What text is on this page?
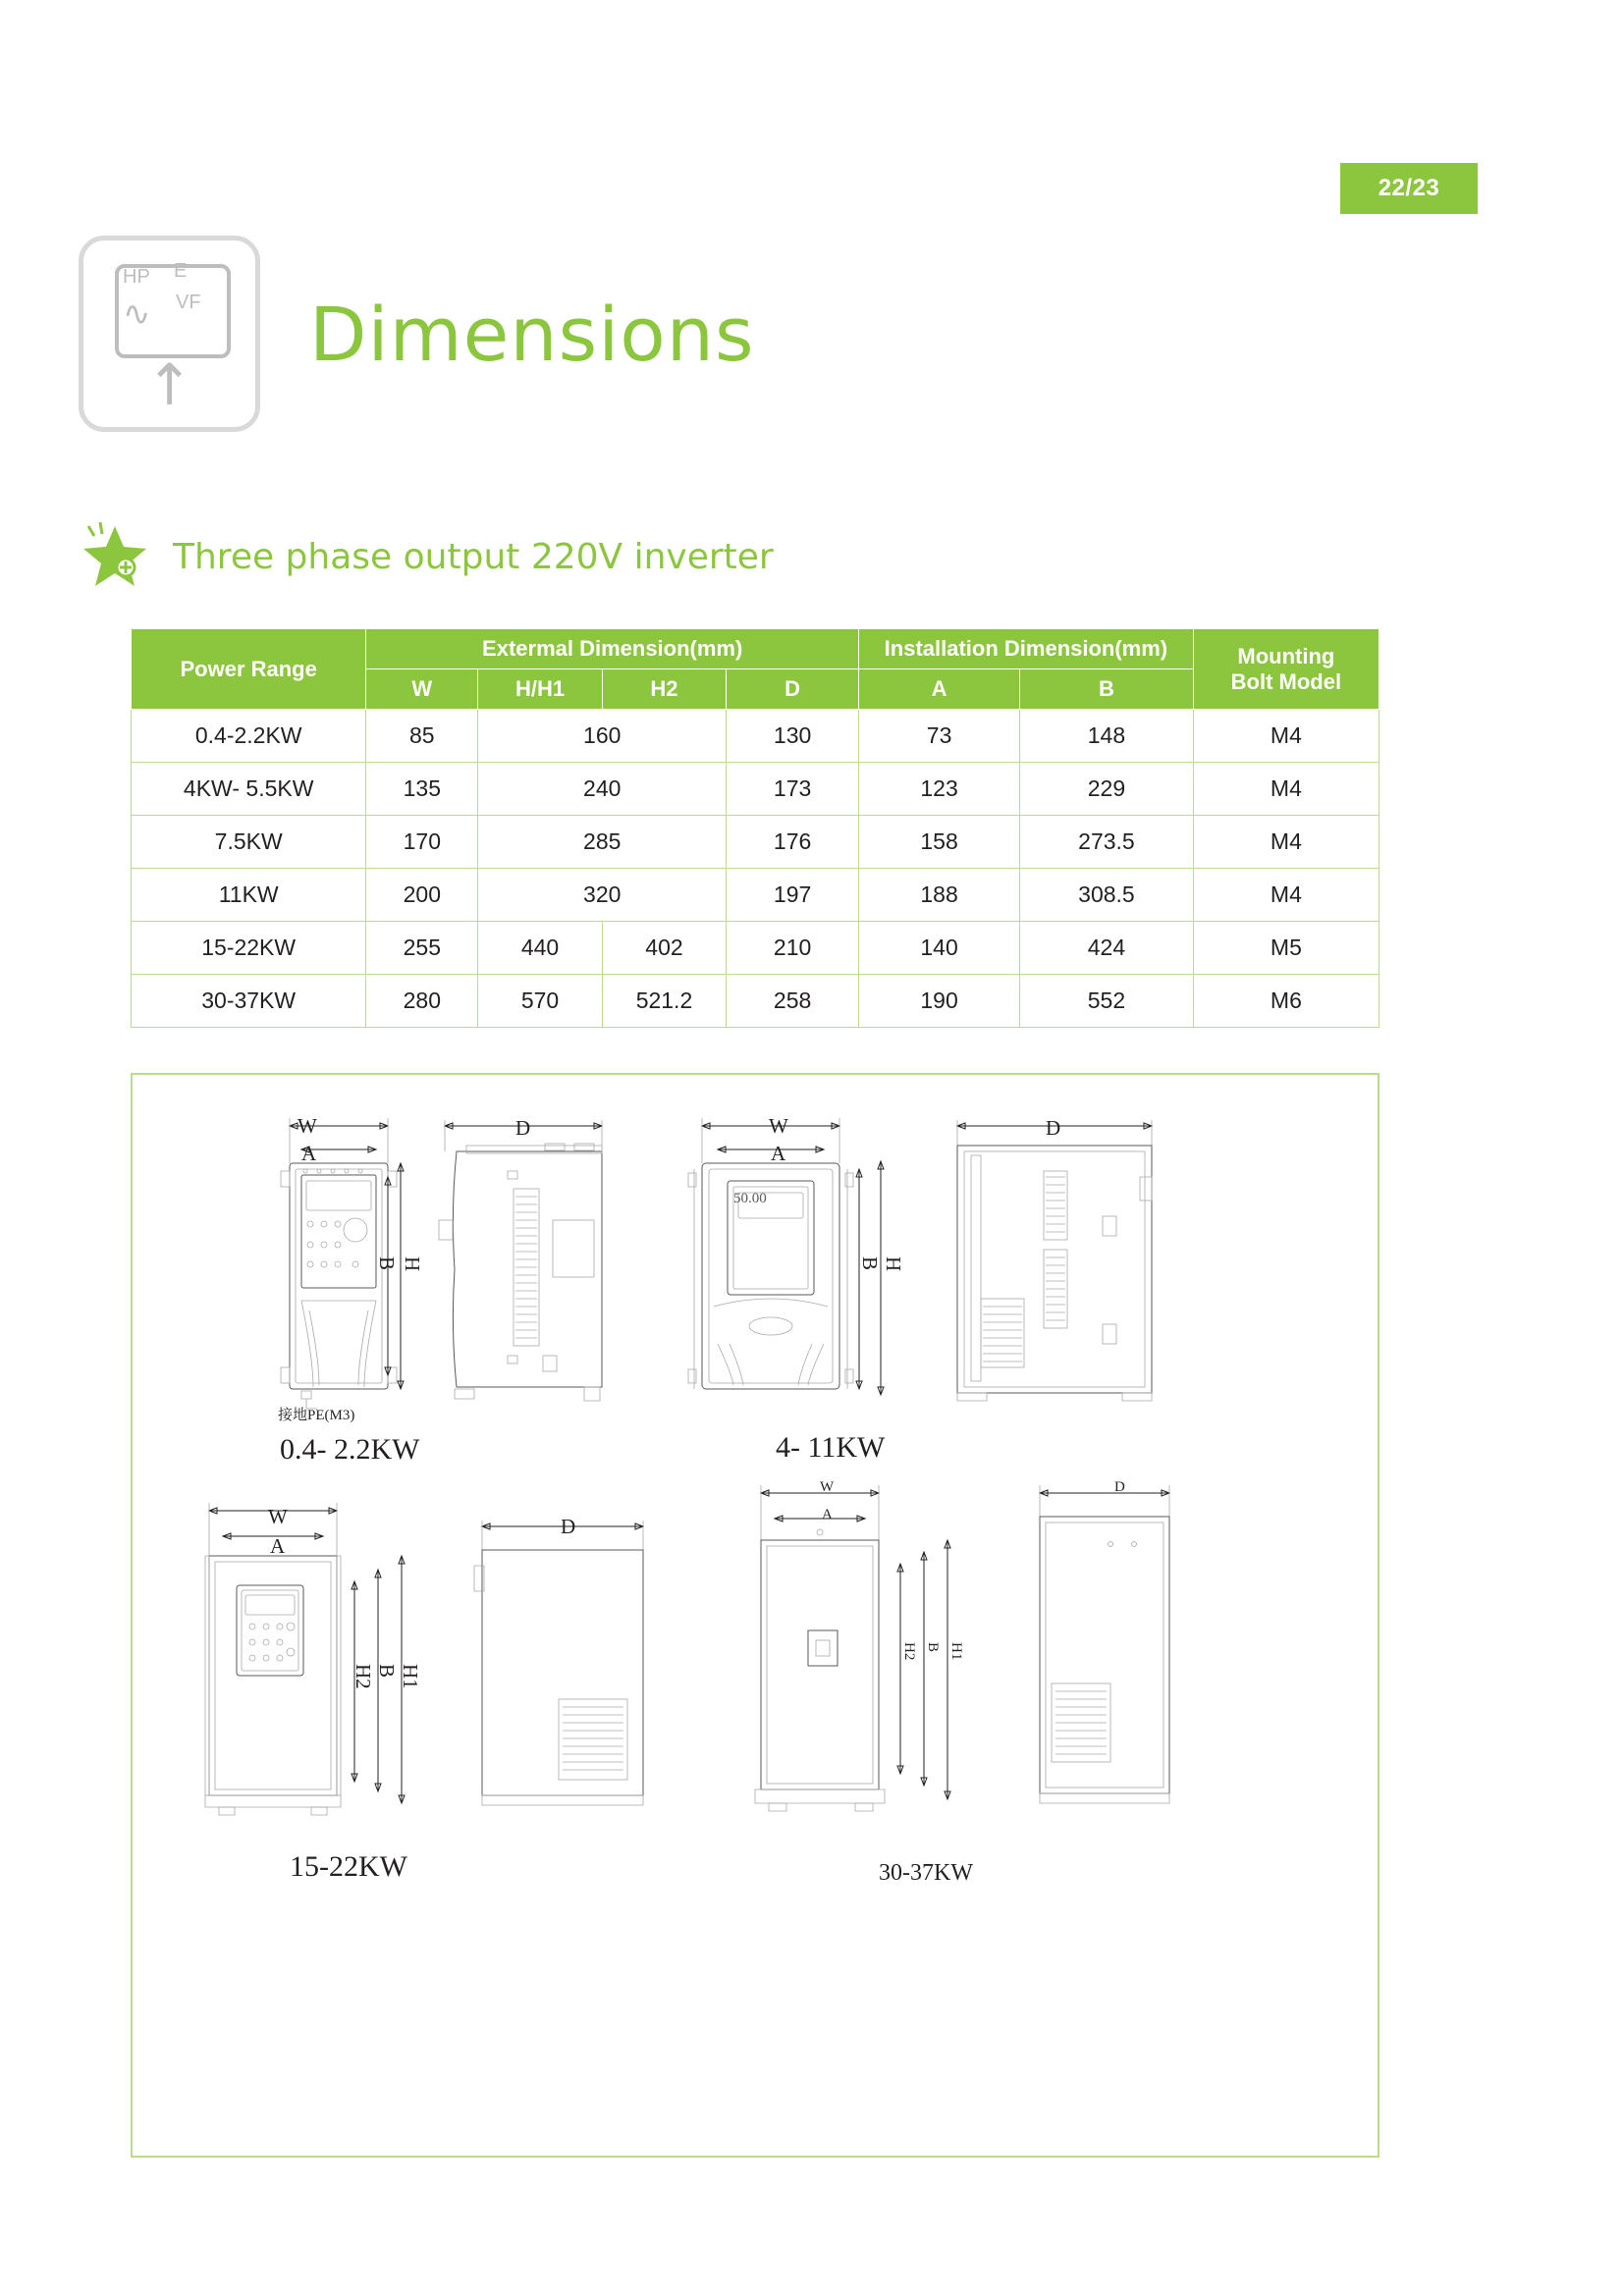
22 / 23
HP E
VF
∿
↑
Dimensions
Three phase output 220V inverter
Power Range	Extermal Dimension(mm)				Installation Dimension(mm)		Mounting
Bolt Model

	W	H/H1	H2	D	A	B	
0.4-2.2KW	85	160		130	73	148	M4
4KW- 5.5KW	135	240		173	123	229	M4
7.5KW	170	285		176	158	273.5	M4
11KW	200	320		197	188	308.5	M4
15-22KW	255	440	402	210	140	424	M5
30-37KW	280	570	521.2	258	190	552	M6
W
A
B H
接地PE(M3)
0.4- 2.2KW
D	W
A
B H
50.00
4- 11KW
D
W
A
H2 B H1
15-22KW
D
W
A
H2 B H1
30-37KW
D
